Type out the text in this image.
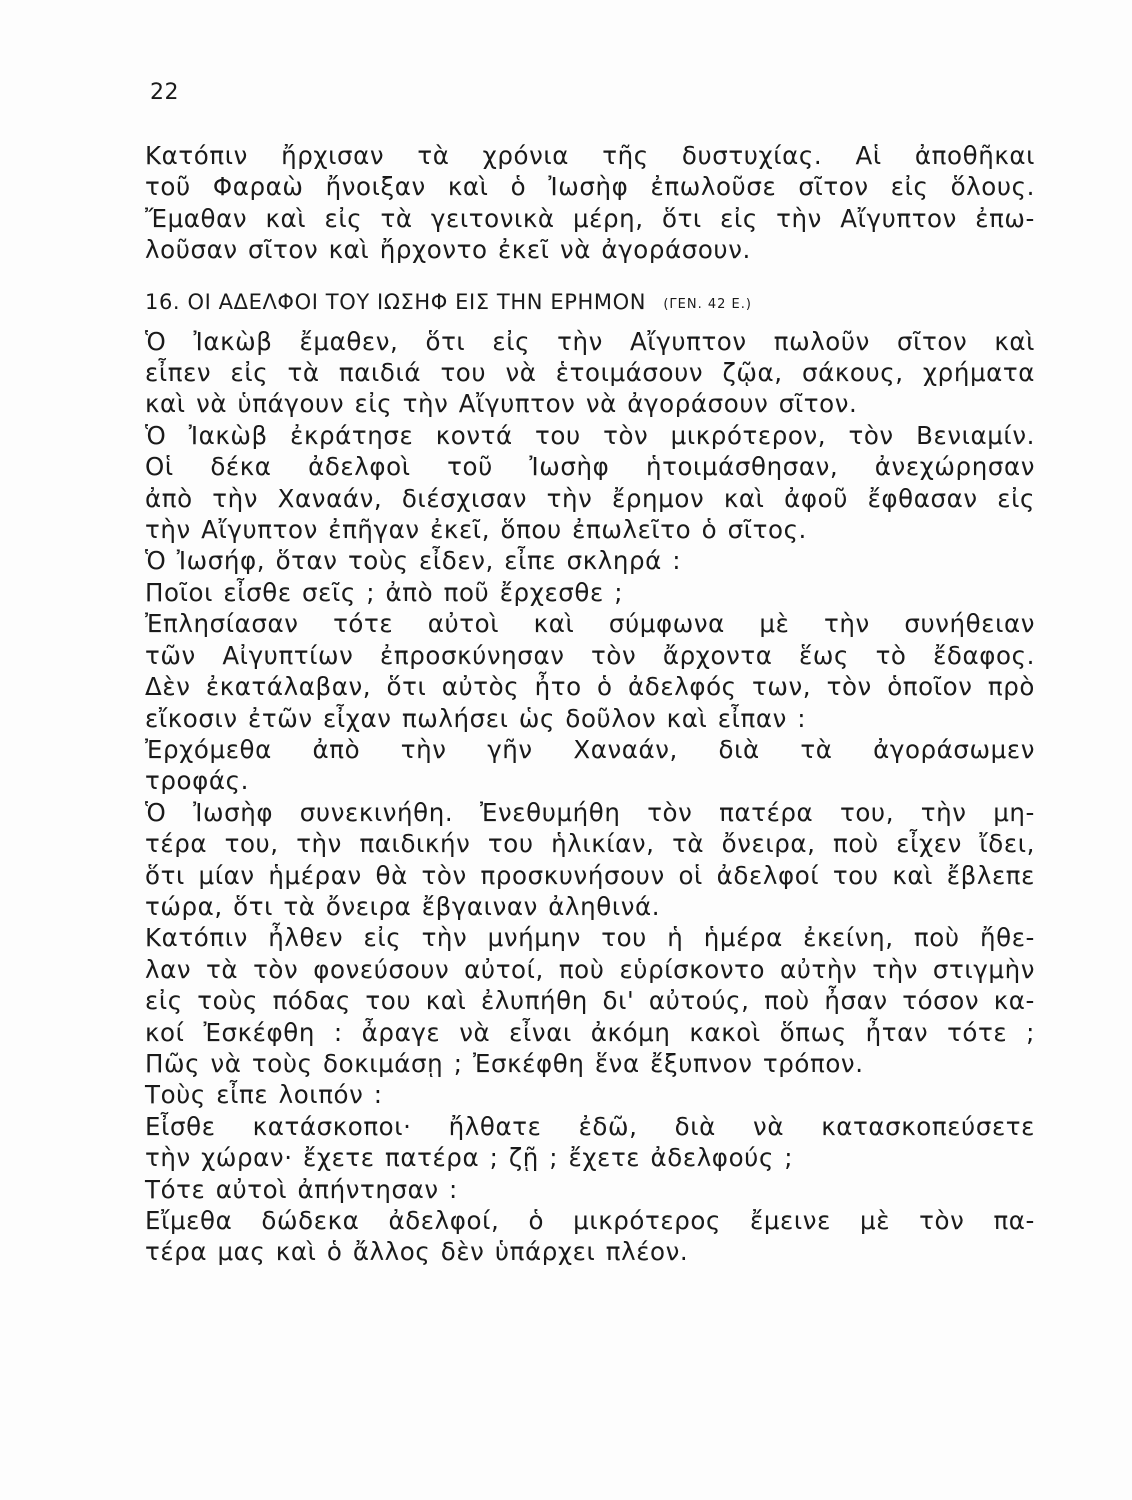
22
Κατόπιν ἤρχισαν τὰ χρόνια τῆς δυστυχίας. Αἱ ἀποθῆκαι
τοῦ Φαραὼ ἤνοιξαν καὶ ὁ Ἰωσὴφ ἐπωλοῦσε σῖτον εἰς ὅλους.
Ἔμαθαν καὶ εἰς τὰ γειτονικὰ μέρη, ὅτι εἰς τὴν Αἴγυπτον ἐπω-
λοῦσαν σῖτον καὶ ἤρχοντο ἐκεῖ νὰ ἀγοράσουν.
16. ΟΙ ΑΔΕΛΦΟΙ ΤΟΥ ΙΩΣΗΦ ΕΙΣ ΤΗΝ ΕΡΗΜΟΝ (ΓΕΝ. 42 Ε.)
Ὁ Ἰακὼβ ἔμαθεν, ὅτι εἰς τὴν Αἴγυπτον πωλοῦν σῖτον καὶ
εἶπεν εἰς τὰ παιδιά του νὰ ἑτοιμάσουν ζῷα, σάκους, χρήματα
καὶ νὰ ὑπάγουν εἰς τὴν Αἴγυπτον νὰ ἀγοράσουν σῖτον.
Ὁ Ἰακὼβ ἐκράτησε κοντά του τὸν μικρότερον, τὸν Βενιαμίν.
Οἱ δέκα ἀδελφοὶ τοῦ Ἰωσὴφ ἡτοιμάσθησαν, ἀνεχώρησαν
ἀπὸ τὴν Χαναάν, διέσχισαν τὴν ἔρημον καὶ ἀφοῦ ἔφθασαν εἰς
τὴν Αἴγυπτον ἐπῆγαν ἐκεῖ, ὅπου ἐπωλεῖτο ὁ σῖτος.
Ὁ Ἰωσήφ, ὅταν τοὺς εἶδεν, εἶπε σκληρά :
Ποῖοι εἶσθε σεῖς ; ἀπὸ ποῦ ἔρχεσθε ;
Ἐπλησίασαν τότε αὐτοὶ καὶ σύμφωνα μὲ τὴν συνήθειαν
τῶν Αἰγυπτίων ἐπροσκύνησαν τὸν ἄρχοντα ἕως τὸ ἔδαφος.
Δὲν ἐκατάλαβαν, ὅτι αὐτὸς ἦτο ὁ ἀδελφός των, τὸν ὁποῖον πρὸ
εἴκοσιν ἐτῶν εἶχαν πωλήσει ὡς δοῦλον καὶ εἶπαν :
Ἐρχόμεθα ἀπὸ τὴν γῆν Χαναάν, διὰ τὰ ἀγοράσωμεν
τροφάς.
Ὁ Ἰωσὴφ συνεκινήθη. Ἐνεθυμήθη τὸν πατέρα του, τὴν μη-
τέρα του, τὴν παιδικήν του ἡλικίαν, τὰ ὄνειρα, ποὺ εἶχεν ἴδει,
ὅτι μίαν ἡμέραν θὰ τὸν προσκυνήσουν οἱ ἀδελφοί του καὶ ἔβλεπε
τώρα, ὅτι τὰ ὄνειρα ἔβγαιναν ἀληθινά.
Κατόπιν ἦλθεν εἰς τὴν μνήμην του ἡ ἡμέρα ἐκείνη, ποὺ ἤθε-
λαν τὰ τὸν φονεύσουν αὐτοί, ποὺ εὑρίσκοντο αὐτὴν τὴν στιγμὴν
εἰς τοὺς πόδας του καὶ ἐλυπήθη δι' αὐτούς, ποὺ ἦσαν τόσον κα-
κοί Ἐσκέφθη : ἆραγε νὰ εἶναι ἀκόμη κακοὶ ὅπως ἦταν τότε ;
Πῶς νὰ τοὺς δοκιμάσῃ ; Ἐσκέφθη ἕνα ἔξυπνον τρόπον.
Τοὺς εἶπε λοιπόν :
Εἶσθε κατάσκοποι· ἤλθατε ἐδῶ, διὰ νὰ κατασκοπεύσετε
τὴν χώραν· ἔχετε πατέρα ; ζῇ ; ἔχετε ἀδελφούς ;
Τότε αὐτοὶ ἀπήντησαν :
Εἴμεθα δώδεκα ἀδελφοί, ὁ μικρότερος ἔμεινε μὲ τὸν πα-
τέρα μας καὶ ὁ ἄλλος δὲν ὑπάρχει πλέον.
